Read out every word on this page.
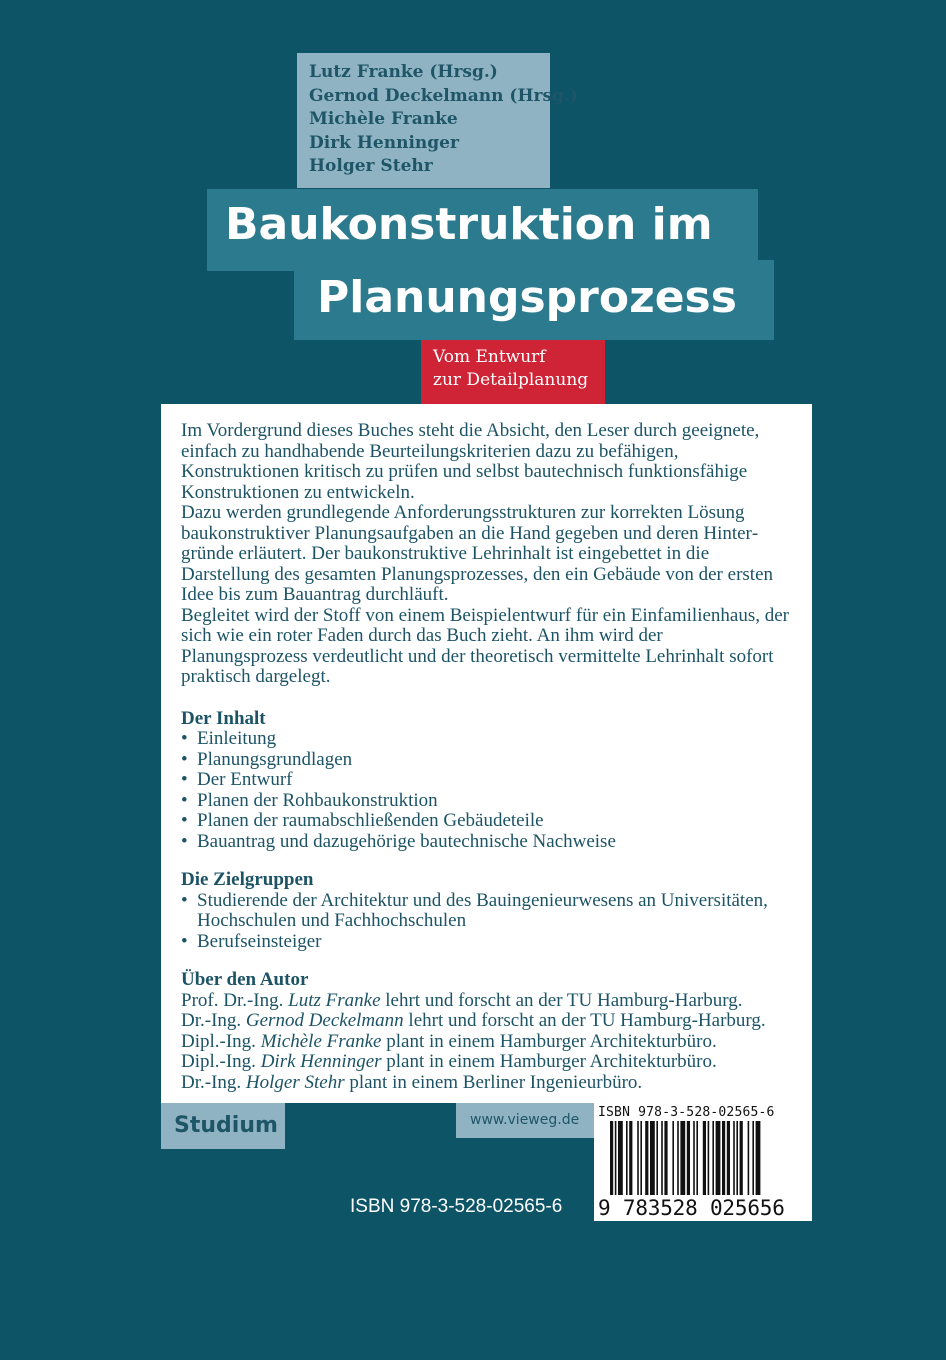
Lutz Franke (Hrsg.)
Gernod Deckelmann (Hrsg.)
Michèle Franke
Dirk Henninger
Holger Stehr
Baukonstruktion im
Planungsprozess
Vom Entwurf
zur Detailplanung

Im Vordergrund dieses Buches steht die Absicht, den Leser durch geeignete, einfach zu handhabende Beurteilungskriterien dazu zu befähigen, Konstruktionen kritisch zu prüfen und selbst bautechnisch funktionsfähige Konstruktionen zu entwickeln.

Dazu werden grundlegende Anforderungsstrukturen zur korrekten Lösung baukonstruktiver Planungsaufgaben an die Hand gegeben und deren Hintergründe erläutert. Der baukonstruktive Lehrinhalt ist eingebettet in die Darstellung des gesamten Planungsprozesses, den ein Gebäude von der ersten Idee bis zum Bauantrag durchläuft.

Begleitet wird der Stoff von einem Beispielentwurf für ein Einfamilienhaus, der sich wie ein roter Faden durch das Buch zieht. An ihm wird der Planungsprozess verdeutlicht und der theoretisch vermittelte Lehrinhalt sofort praktisch dargelegt.

Der Inhalt
• Einleitung
• Planungsgrundlagen
• Der Entwurf
• Planen der Rohbaukonstruktion
• Planen der raumabschließenden Gebäudeteile
• Bauantrag und dazugehörige bautechnische Nachweise
Die Zielgruppen
• Studierende der Architektur und des Bauingenieurwesens an Universitäten, Hochschulen und Fachhochschulen
• Berufseinsteiger
Über den Autor

Prof. Dr.-Ing. Lutz Franke lehrt und forscht an der TU Hamburg-Harburg.

Dr.-Ing. Gernod Deckelmann lehrt und forscht an der TU Hamburg-Harburg.

Dipl.-Ing. Michèle Franke plant in einem Hamburger Architekturbüro.

Dipl.-Ing. Dirk Henninger plant in einem Hamburger Architekturbüro.

Dr.-Ing. Holger Stehr plant in einem Berliner Ingenieurbüro.

Studium	www.vieweg.de	ISBN 978-3-528-02565-6
9 783528 025656
ISBN 978-3-528-02565-6
